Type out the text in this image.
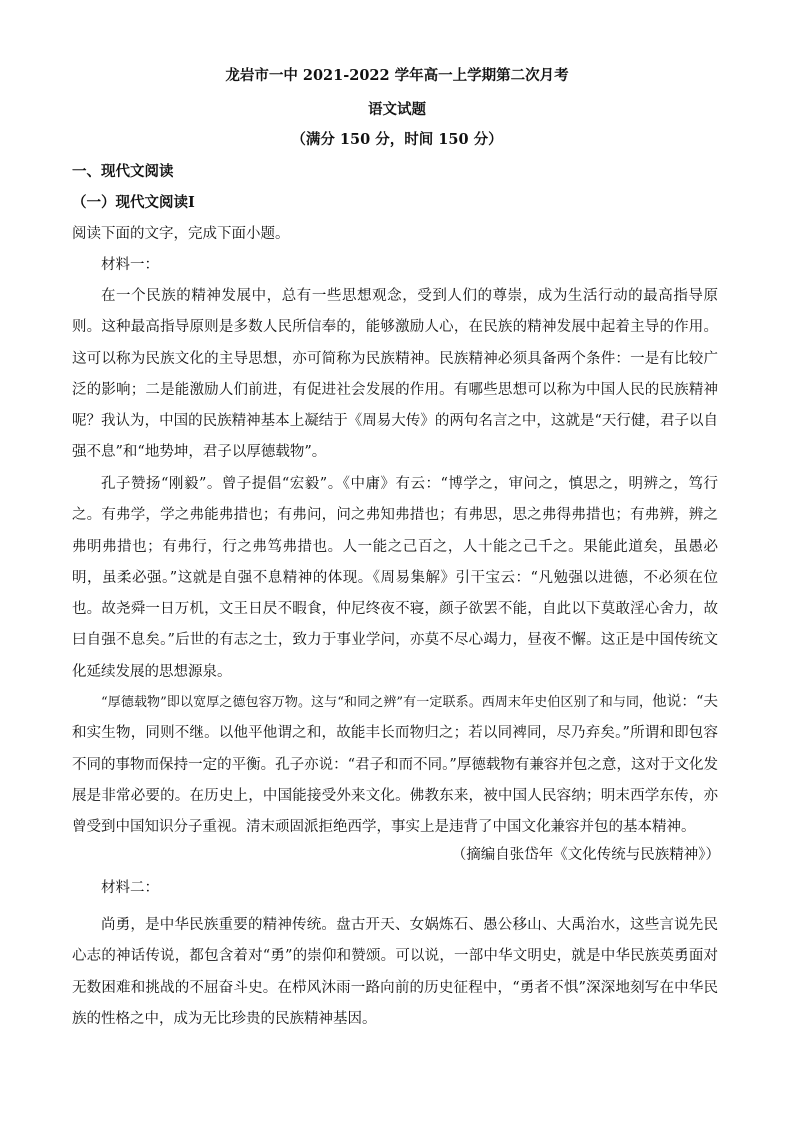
龙岩市一中 2021-2022 学年高一上学期第二次月考
语文试题
（满分 150 分，时间 150 分）
一、现代文阅读
（一）现代文阅读Ⅰ
阅读下面的文字，完成下面小题。
材料一：

在一个民族的精神发展中，总有一些思想观念，受到人们的尊崇，成为生活行动的最高指导原则。这种最高指导原则是多数人民所信奉的，能够激励人心，在民族的精神发展中起着主导的作用。这可以称为民族文化的主导思想，亦可简称为民族精神。民族精神必须具备两个条件：一是有比较广泛的影响；二是能激励人们前进，有促进社会发展的作用。有哪些思想可以称为中国人民的民族精神呢？我认为，中国的民族精神基本上凝结于《周易大传》的两句名言之中，这就是“天行健，君子以自强不息”和“地势坤，君子以厚德载物”。

孔子赞扬“刚毅”。曾子提倡“宏毅”。《中庸》有云：“博学之，审问之，慎思之，明辨之，笃行之。有弗学，学之弗能弗措也；有弗问，问之弗知弗措也；有弗思，思之弗得弗措也；有弗辨，辨之弗明弗措也；有弗行，行之弗笃弗措也。人一能之己百之，人十能之己千之。果能此道矣，虽愚必明，虽柔必强。”这就是自强不息精神的体现。《周易集解》引干宝云：“凡勉强以进德，不必须在位也。故尧舜一日万机，文王日昃不暇食，仲尼终夜不寝，颜子欲罢不能，自此以下莫敢淫心舍力，故曰自强不息矣。”后世的有志之士，致力于事业学问，亦莫不尽心竭力，昼夜不懈。这正是中国传统文化延续发展的思想源泉。

“厚德载物”即以宽厚之德包容万物。这与“和同之辨”有一定联系。西周末年史伯区别了和与同，他说：“夫和实生物，同则不继。以他平他谓之和，故能丰长而物归之；若以同裨同，尽乃弃矣。”所谓和即包容不同的事物而保持一定的平衡。孔子亦说：“君子和而不同。”厚德载物有兼容并包之意，这对于文化发展是非常必要的。在历史上，中国能接受外来文化。佛教东来，被中国人民容纳；明末西学东传，亦曾受到中国知识分子重视。清末顽固派拒绝西学，事实上是违背了中国文化兼容并包的基本精神。

（摘编自张岱年《文化传统与民族精神》）
材料二：

尚勇，是中华民族重要的精神传统。盘古开天、女娲炼石、愚公移山、大禹治水，这些言说先民心志的神话传说，都包含着对“勇”的崇仰和赞颂。可以说，一部中华文明史，就是中华民族英勇面对无数困难和挑战的不屈奋斗史。在栉风沐雨一路向前的历史征程中，“勇者不惧”深深地刻写在中华民族的性格之中，成为无比珍贵的民族精神基因。
